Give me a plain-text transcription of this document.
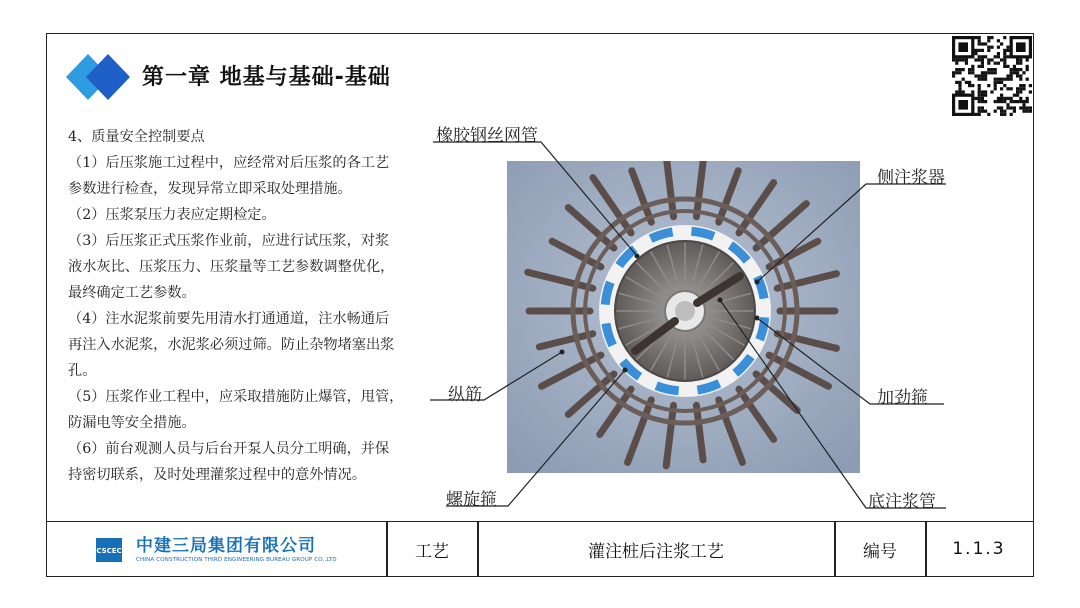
第一章 地基与基础-基础

4、质量安全控制要点

（1）后压浆施工过程中，应经常对后压浆的各工艺

参数进行检查，发现异常立即采取处理措施。

（2）压浆泵压力表应定期检定。

（3）后压浆正式压浆作业前，应进行试压浆，对浆

液水灰比、压浆压力、压浆量等工艺参数调整优化，

最终确定工艺参数。

（4）注水泥浆前要先用清水打通通道，注水畅通后

再注入水泥浆，水泥浆必须过筛。防止杂物堵塞出浆

孔。

（5）压浆作业工程中，应采取措施防止爆管，甩管，

防漏电等安全措施。

（6）前台观测人员与后台开泵人员分工明确，并保

持密切联系，及时处理灌浆过程中的意外情况。

橡胶钢丝网管
侧注浆器
纵筋	加劲箍
螺旋箍	底注浆管
CSCEC 中建三局集团有限公司
CHINA CONSTRUCTION THIRD ENGINEERING BUREAU GROUP CO.,LTD	工艺	灌注桩后注浆工艺	编号	1.1.3
